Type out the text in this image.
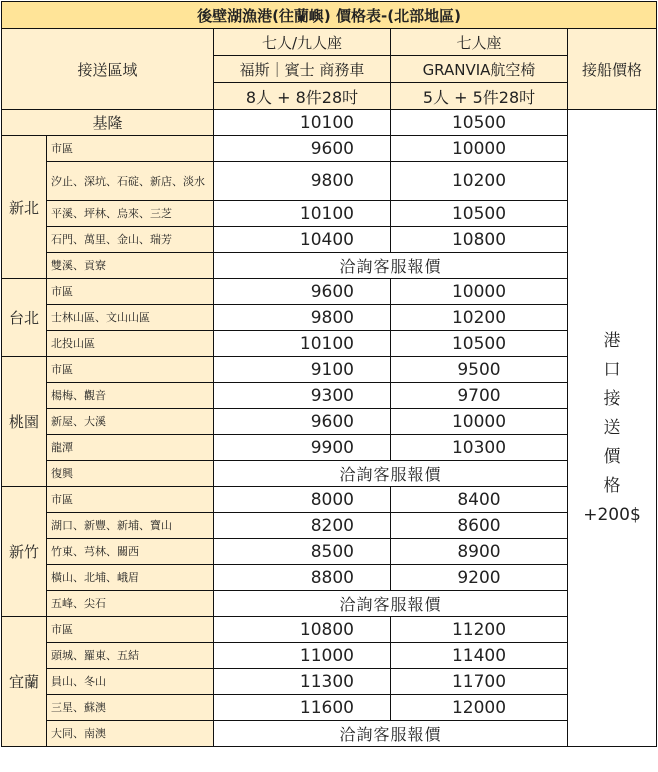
後壁湖漁港(往蘭嶼) 價格表-(北部地區)				
接送區域		七人/九人座	七人座	接船價格
		福斯｜賓士 商務車	GRANVIA航空椅	
		8人 + 8件28吋	5人 + 5件28吋	
基隆	10100	10500	
港
口
接
送
價
格
+200$

新北	市區	9600	10000	
	汐止、深坑、石碇、新店、淡水	9800	10200	
	平溪、坪林、烏來、三芝	10100	10500	
	石門、萬里、金山、瑞芳	10400	10800	
	雙溪、貢寮	洽詢客服報價		
台北	市區	9600	10000	
	士林山區、文山山區	9800	10200	
	北投山區	10100	10500	
桃園	市區	9100	9500	
	楊梅、觀音	9300	9700	
	新屋、大溪	9600	10000	
	龍潭	9900	10300	
	復興	洽詢客服報價		
新竹	市區	8000	8400	
	湖口、新豐、新埔、寶山	8200	8600	
	竹東、芎林、關西	8500	8900	
	橫山、北埔、峨眉	8800	9200	
	五峰、尖石	洽詢客服報價		
宜蘭	市區	10800	11200	
	頭城、羅東、五結	11000	11400	
	員山、冬山	11300	11700	
	三星、蘇澳	11600	12000	
	大同、南澳	洽詢客服報價		
